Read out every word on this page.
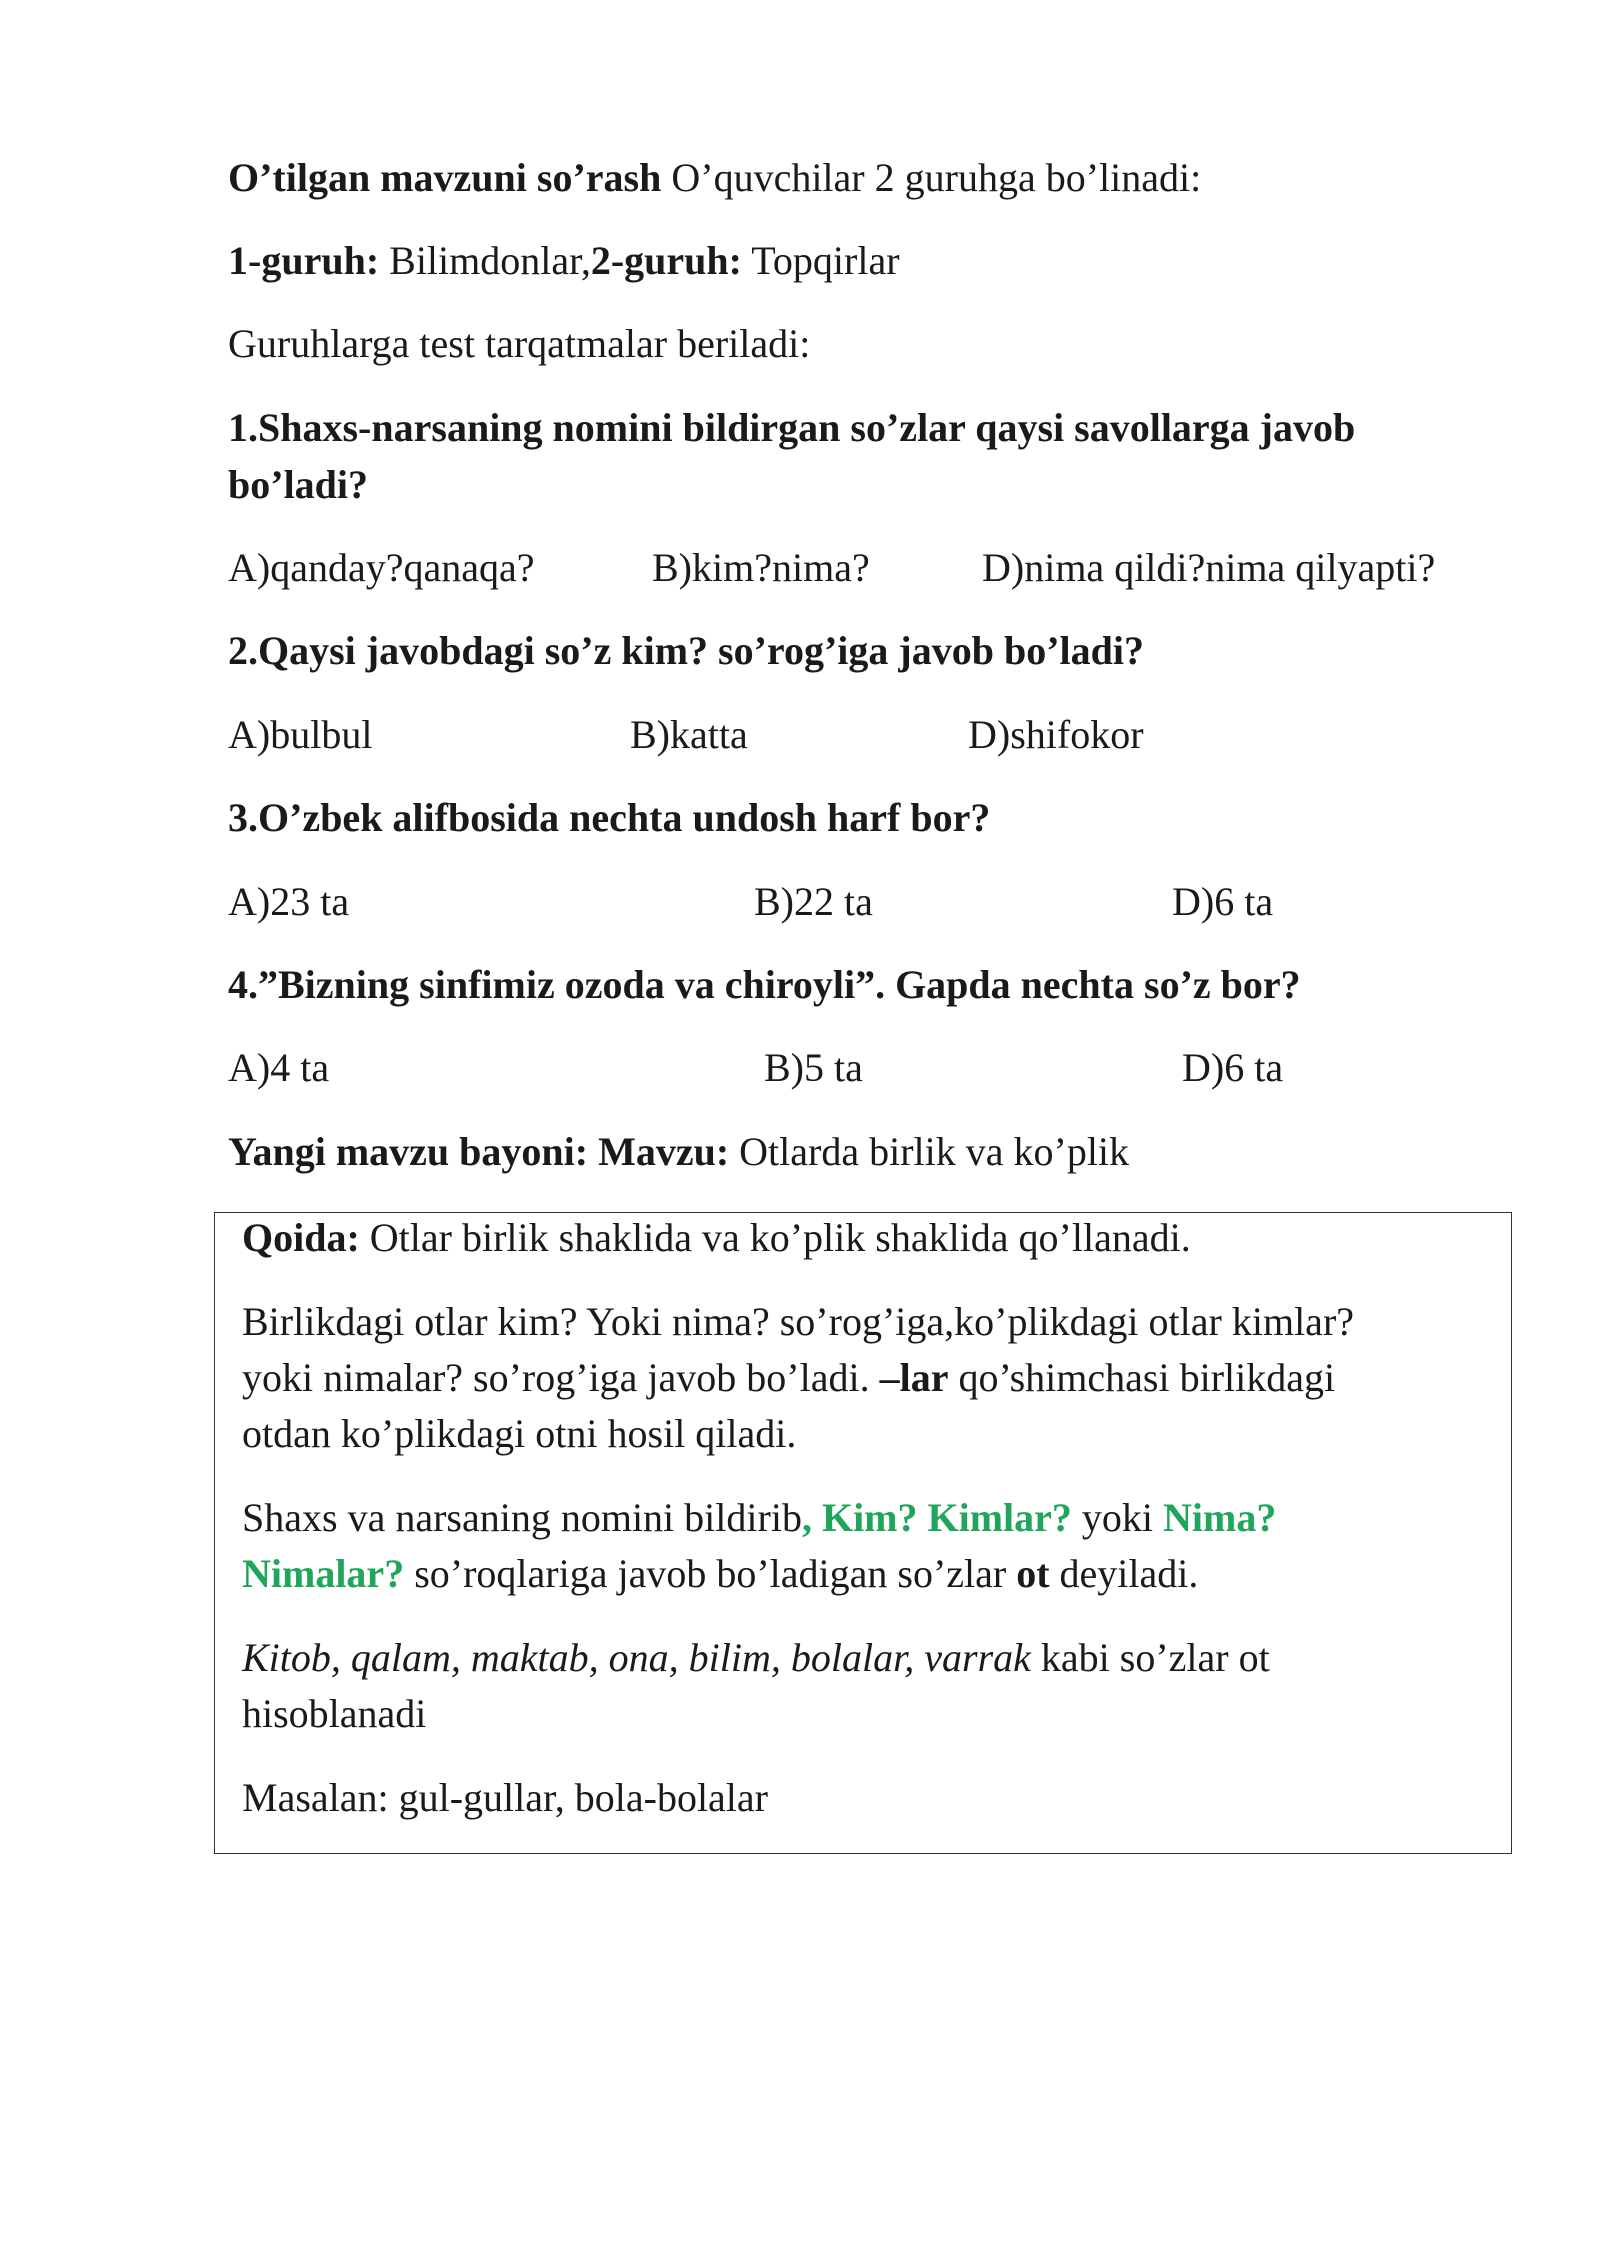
O’tilgan mavzuni so’rash O’quvchilar 2 guruhga bo’linadi:

1-guruh: Bilimdonlar,2-guruh: Topqirlar

Guruhlarga test tarqatmalar beriladi:

1.Shaxs-narsaning nomini bildirgan so’zlar qaysi savollarga javob

bo’ladi?

A)qanday?qanaqa?	B)kim?nima?	D)nima qildi?nima qilyapti?

2.Qaysi javobdagi so’z kim? so’rog’iga javob bo’ladi?

A)bulbul	B)katta	D)shifokor

3.O’zbek alifbosida nechta undosh harf bor?

A)23 ta	B)22 ta	D)6 ta

4.”Bizning sinfimiz ozoda va chiroyli”. Gapda nechta so’z bor?

A)4 ta	B)5 ta	D)6 ta

Yangi mavzu bayoni: Mavzu: Otlarda birlik va ko’plik

Qoida: Otlar birlik shaklida va ko’plik shaklida qo’llanadi.

Birlikdagi otlar kim? Yoki nima? so’rog’iga,ko’plikdagi otlar kimlar?

yoki nimalar? so’rog’iga javob bo’ladi. –lar qo’shimchasi birlikdagi

otdan ko’plikdagi otni hosil qiladi.

Shaxs va narsaning nomini bildirib, Kim? Kimlar? yoki Nima?

Nimalar? so’roqlariga javob bo’ladigan so’zlar ot deyiladi.

Kitob, qalam, maktab, ona, bilim, bolalar, varrak kabi so’zlar ot

hisoblanadi

Masalan: gul-gullar, bola-bolalar
